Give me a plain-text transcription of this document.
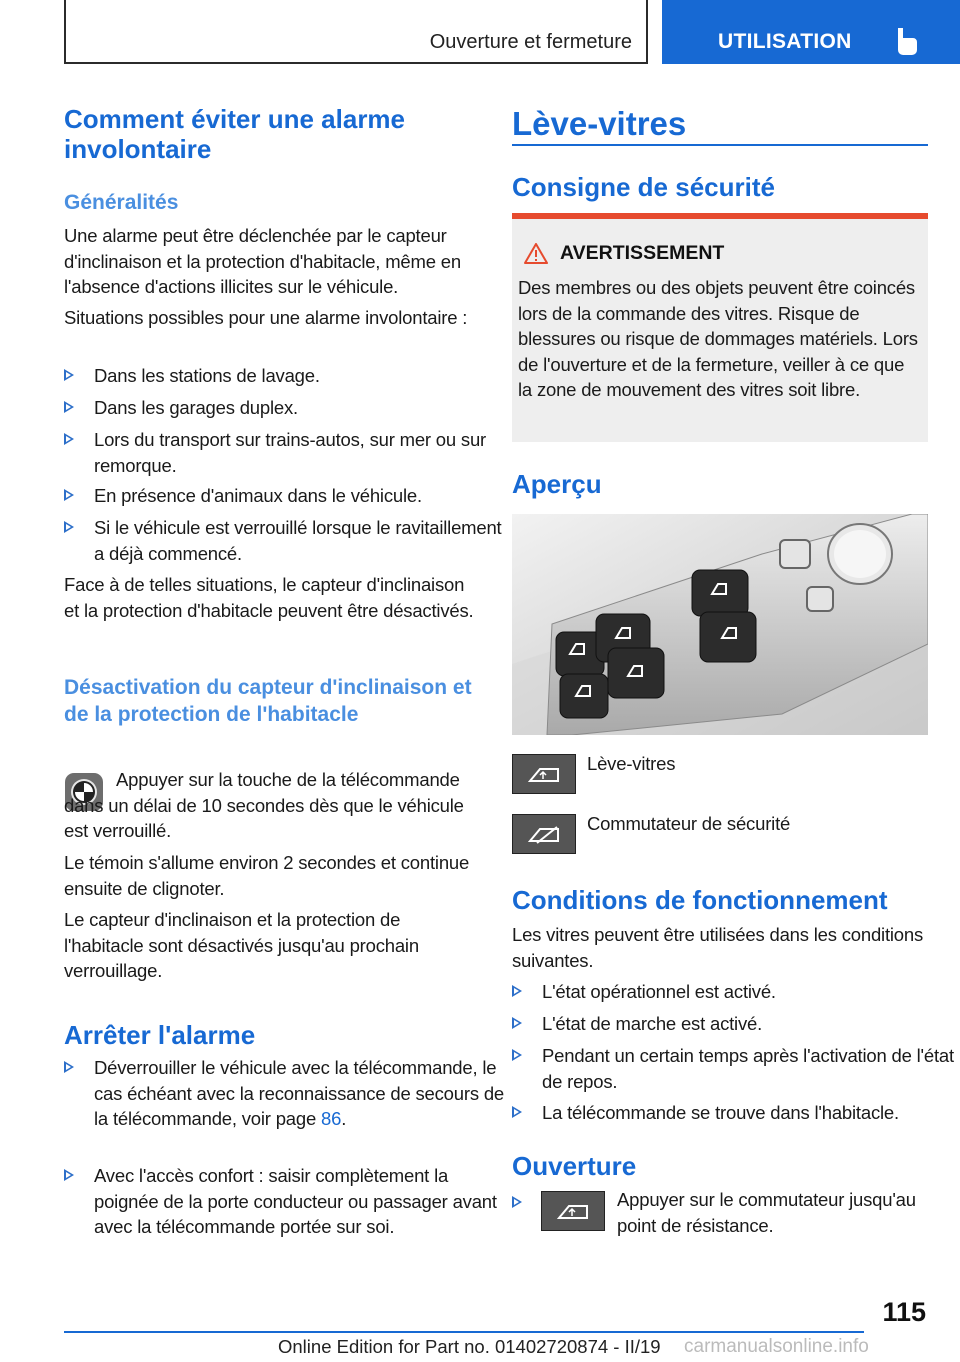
Ouverture et fermeture	UTILISATION
Comment éviter une alarme involontaire
Généralités
Une alarme peut être déclenchée par le capteur d'inclinaison et la protection d'habitacle, même en l'absence d'actions illicites sur le véhicule.
Situations possibles pour une alarme involontaire :
Dans les stations de lavage.
Dans les garages duplex.
Lors du transport sur trains-autos, sur mer ou sur remorque.
En présence d'animaux dans le véhicule.
Si le véhicule est verrouillé lorsque le ravitaillement a déjà commencé.
Face à de telles situations, le capteur d'inclinaison et la protection d'habitacle peuvent être désactivés.
Désactivation du capteur d'inclinaison et de la protection de l'habitacle
Appuyer sur la touche de la télécommande dans un délai de 10 secondes dès que le véhicule est verrouillé.
Le témoin s'allume environ 2 secondes et continue ensuite de clignoter.
Le capteur d'inclinaison et la protection de l'habitacle sont désactivés jusqu'au prochain verrouillage.
Arrêter l'alarme
Déverrouiller le véhicule avec la télécommande, le cas échéant avec la reconnaissance de secours de la télécommande, voir page 86.
Avec l'accès confort : saisir complètement la poignée de la porte conducteur ou passager avant avec la télécommande portée sur soi.
Lève-vitres
Consigne de sécurité
AVERTISSEMENT
Des membres ou des objets peuvent être coincés lors de la commande des vitres. Risque de blessures ou risque de dommages matériels. Lors de l'ouverture et de la fermeture, veiller à ce que la zone de mouvement des vitres soit libre.
Aperçu
Lève-vitres
Commutateur de sécurité
Conditions de fonctionnement
Les vitres peuvent être utilisées dans les conditions suivantes.
L'état opérationnel est activé.
L'état de marche est activé.
Pendant un certain temps après l'activation de l'état de repos.
La télécommande se trouve dans l'habitacle.
Ouverture
Appuyer sur le commutateur jusqu'au point de résistance.
115
Online Edition for Part no. 01402720874 - II/19 carmanualsonline.info
